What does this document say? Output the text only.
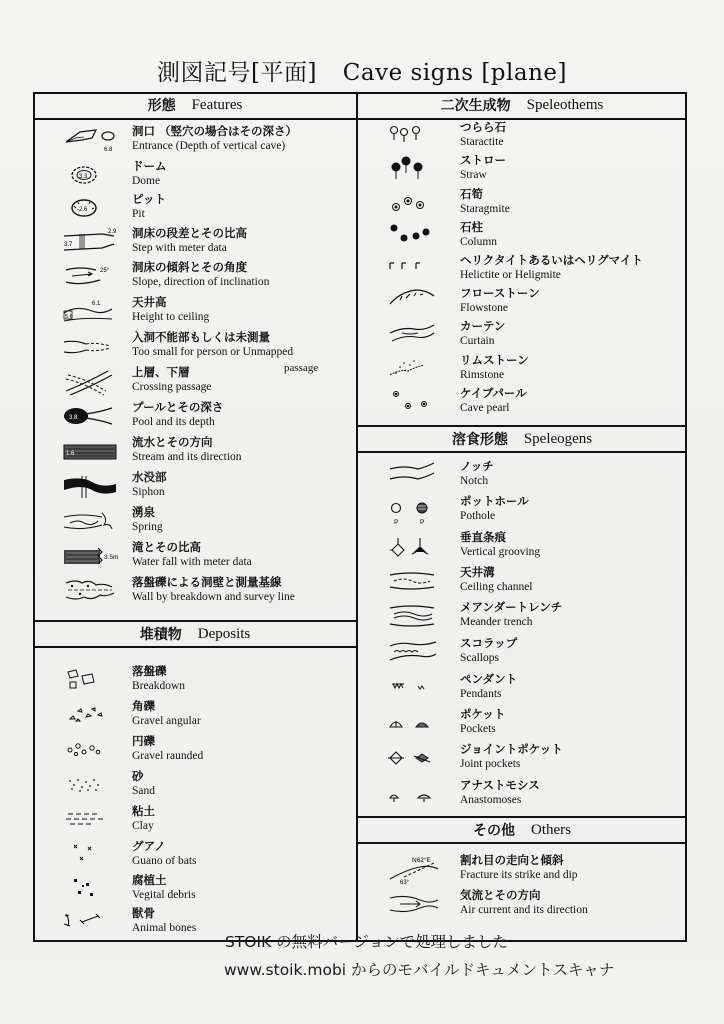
測図記号[平面] Cave signs [plane]
形態 Features
6.8
洞口 （竪穴の場合はその深さ）
Entrance (Depth of vertical cave)
3.3
ドーム
Dome
-2.6
ピット
Pit
3.7
2.9 洞床の段差とその比高
Step with meter data
25° 洞床の傾斜とその角度
Slope, direction of inclination
5.6
6.1	天井高
Height to ceiling
入洞不能部もしくは未測量
Too small for person or Unmapped
passage
上層、下層
Crossing passage
3.8
プールとその深さ
Pool and its depth
1.6
流水とその方向
Stream and its direction
水没部
Siphon
湧泉
Spring
3.5m
滝とその比高
Water fall with meter data
落盤礫による洞壁と測量基線
Wall by breakdown and survey line
堆積物 Deposits
落盤礫
Breakdown
角礫
Gravel angular
円礫
Gravel raunded
砂
Sand
粘土
Clay
グアノ
Guano of bats
腐植土
Vegital debris
獣骨
Animal bones
二次生成物 Speleothems
つらら石
Staractite
ストロー
Straw
石筍
Staragmite
石柱
Column
ヘリクタイトあるいはヘリグマイト
Helictite or Heligmite
フローストーン
Flowstone
カーテン
Curtain
リムストーン
Rimstone
ケイブパール
Cave pearl
溶食形態 Speleogens
ノッチ
Notch
P	P
ポットホール
Pothole
垂直条痕
Vertical grooving
天井溝
Ceiling channel
メアンダートレンチ
Meander trench
スコラップ
Scallops
ペンダント
Pendants
ポケット
Pockets
ジョイントポケット
Joint pockets
アナストモシス
Anastomoses
その他 Others
N62°E
63°
割れ目の走向と傾斜
Fracture its strike and dip
気流とその方向
Air current and its direction
STOIK の無料バージョンで処理しました
www.stoik.mobi からのモバイルドキュメントスキャナ
